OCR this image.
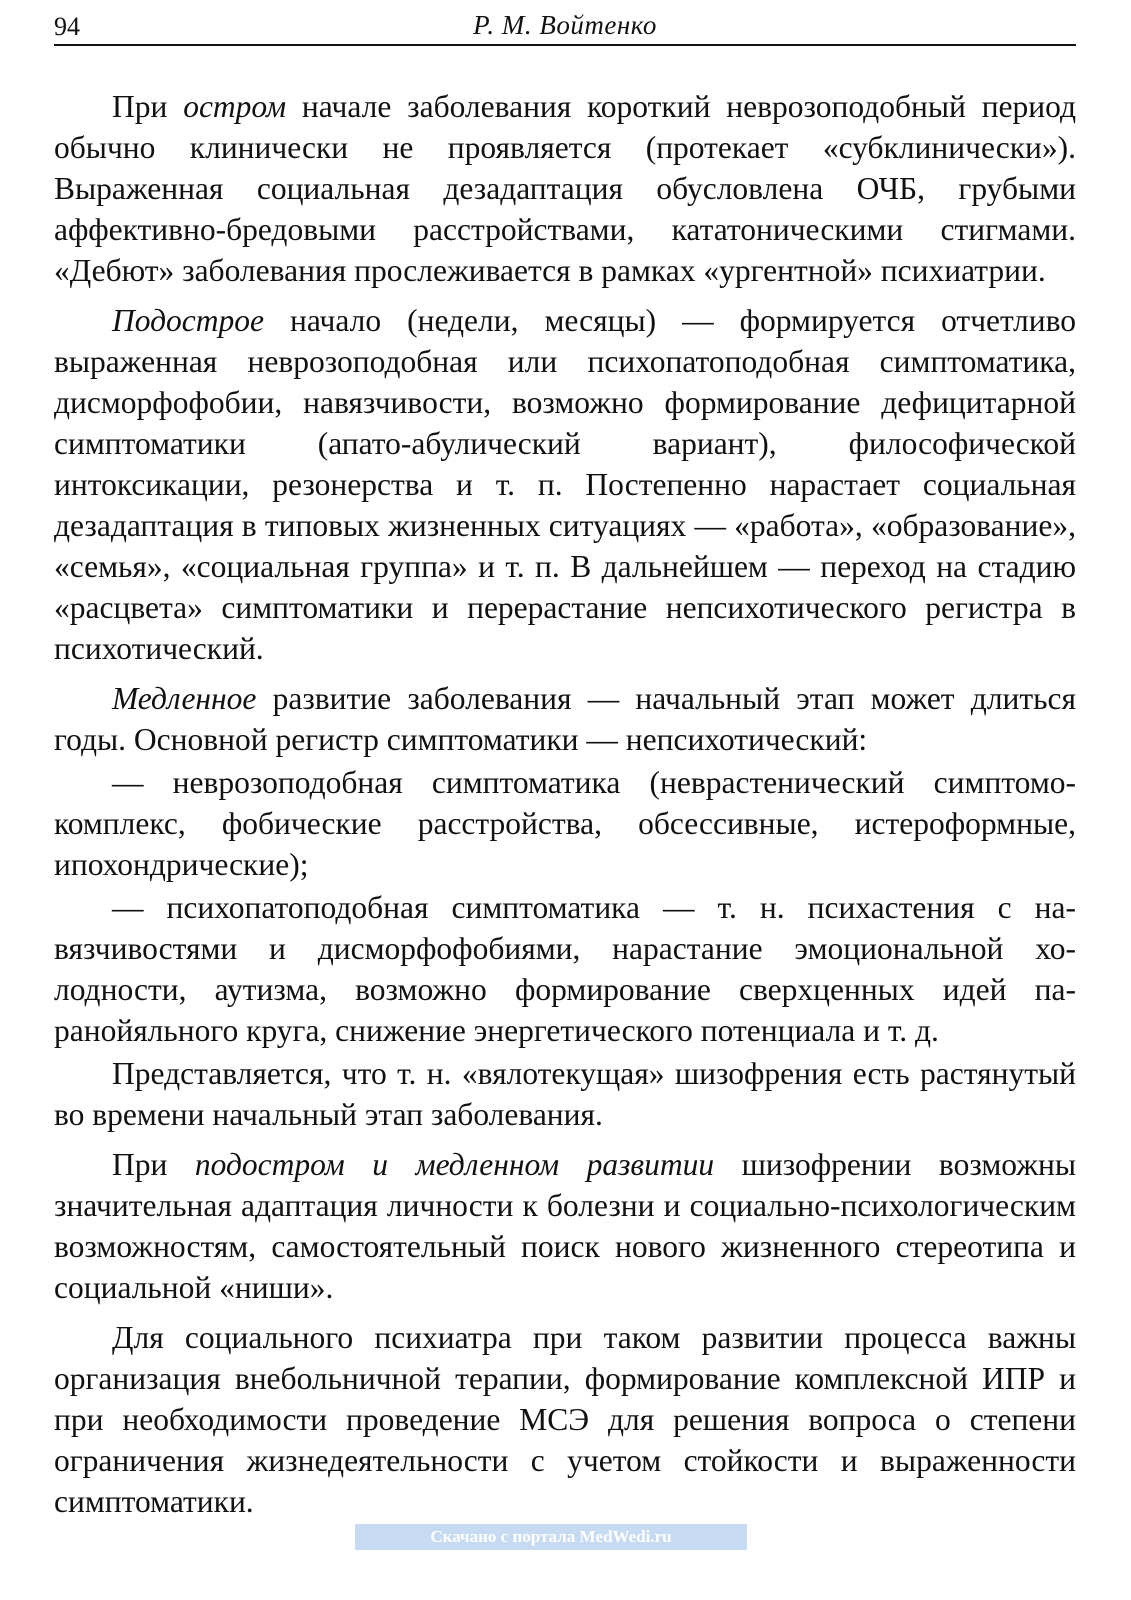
94	Р. М. Войтенко

При остром начале заболевания короткий неврозоподобный период обычно клинически не проявляется (протекает «субклинически»). Выраженная социальная дезадаптация обусловлена ОЧБ, грубыми аффективно-бредовыми расстройствами, кататоническими стигмами. «Дебют» заболевания прослеживается в рамках «ургентной» психиатрии.

Подострое начало (недели, месяцы) — формируется отчетливо выраженная неврозоподобная или психопатоподобная симптоматика, дисморфофобии, навязчивости, возможно формирование дефицитарной симптоматики (апато-абулический вариант), философической интоксикации, резонерства и т. п. Постепенно нарастает социальная дезадаптация в типовых жизненных ситуациях — «работа», «образование», «семья», «социальная группа» и т. п. В дальнейшем — переход на стадию «расцвета» симптоматики и перерастание непсихотического регистра в психотический.

Медленное развитие заболевания — начальный этап может длиться годы. Основной регистр симптоматики — непсихотический:

— неврозоподобная симптоматика (неврастенический симптомокомплекс, фобические расстройства, обсессивные, истероформные, ипохондрические);

— психопатоподобная симптоматика — т. н. психастения с навязчивостями и дисморфофобиями, нарастание эмоциональной холодности, аутизма, возможно формирование сверхценных идей паранойяльного круга, снижение энергетического потенциала и т. д.

Представляется, что т. н. «вялотекущая» шизофрения есть растянутый во времени начальный этап заболевания.

При подостром и медленном развитии шизофрении возможны значительная адаптация личности к болезни и социально-психологическим возможностям, самостоятельный поиск нового жизненного стереотипа и социальной «ниши».

Для социального психиатра при таком развитии процесса важны организация внебольничной терапии, формирование комплексной ИПР и при необходимости проведение МСЭ для решения вопроса о степени ограничения жизнедеятельности с учетом стойкости и выраженности симптоматики.

Скачано с портала MedWedi.ru
